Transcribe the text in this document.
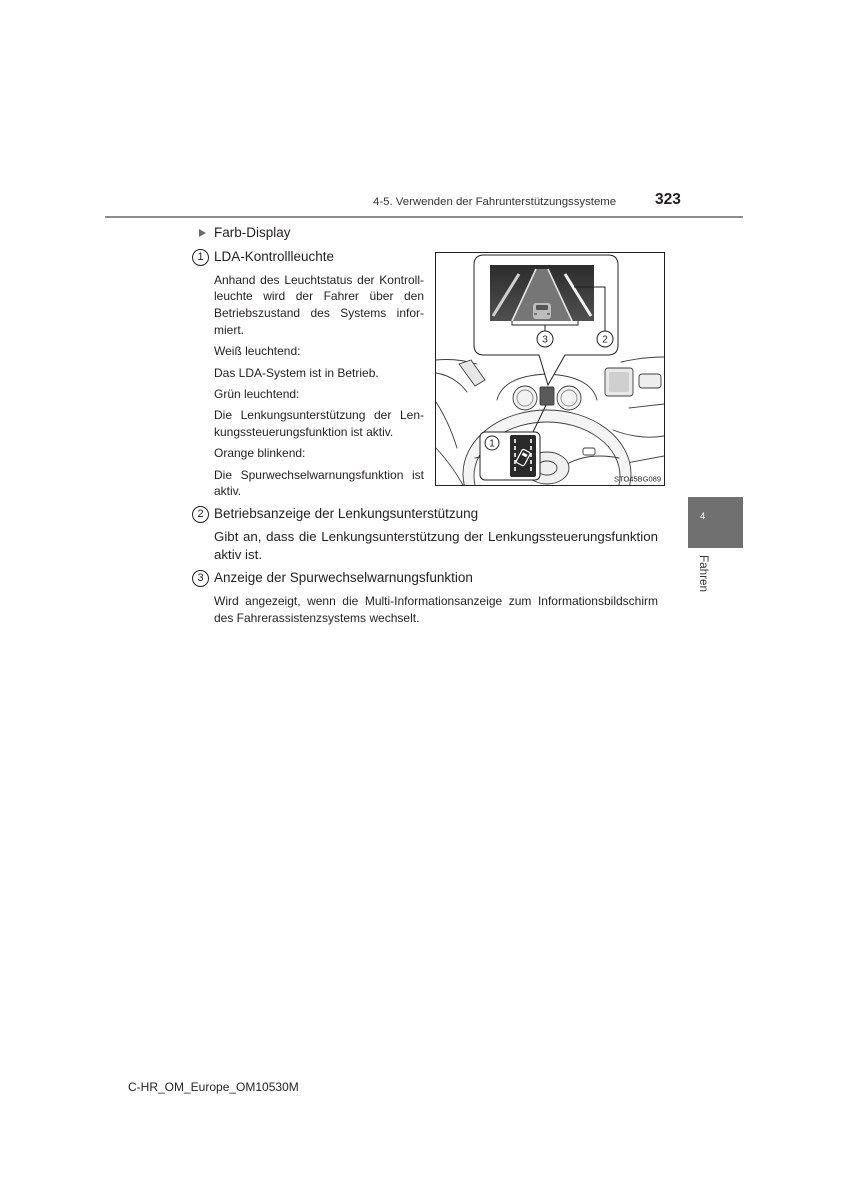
4-5. Verwenden der Fahrunterstützungssysteme	323
4
Fahren
Farb-Display
1 LDA-Kontrollleuchte
Anhand des Leuchtstatus der Kontroll-
leuchte wird der Fahrer über den
Betriebszustand des Systems infor-
miert.
Weiß leuchtend:
Das LDA-System ist in Betrieb.
Grün leuchtend:
Die Lenkungsunterstützung der Len-
kungssteuerungsfunktion ist aktiv.
Orange blinkend:
Die Spurwechselwarnungsfunktion ist
aktiv.
3	2
1
STO45BG089
2 Betriebsanzeige der Lenkungsunterstützung
Gibt an, dass die Lenkungsunterstützung der Lenkungssteuerungsfunktion
aktiv ist.
3 Anzeige der Spurwechselwarnungsfunktion
Wird angezeigt, wenn die Multi-Informationsanzeige zum Informationsbildschirm
des Fahrerassistenzsystems wechselt.
C-HR_OM_Europe_OM10530M
